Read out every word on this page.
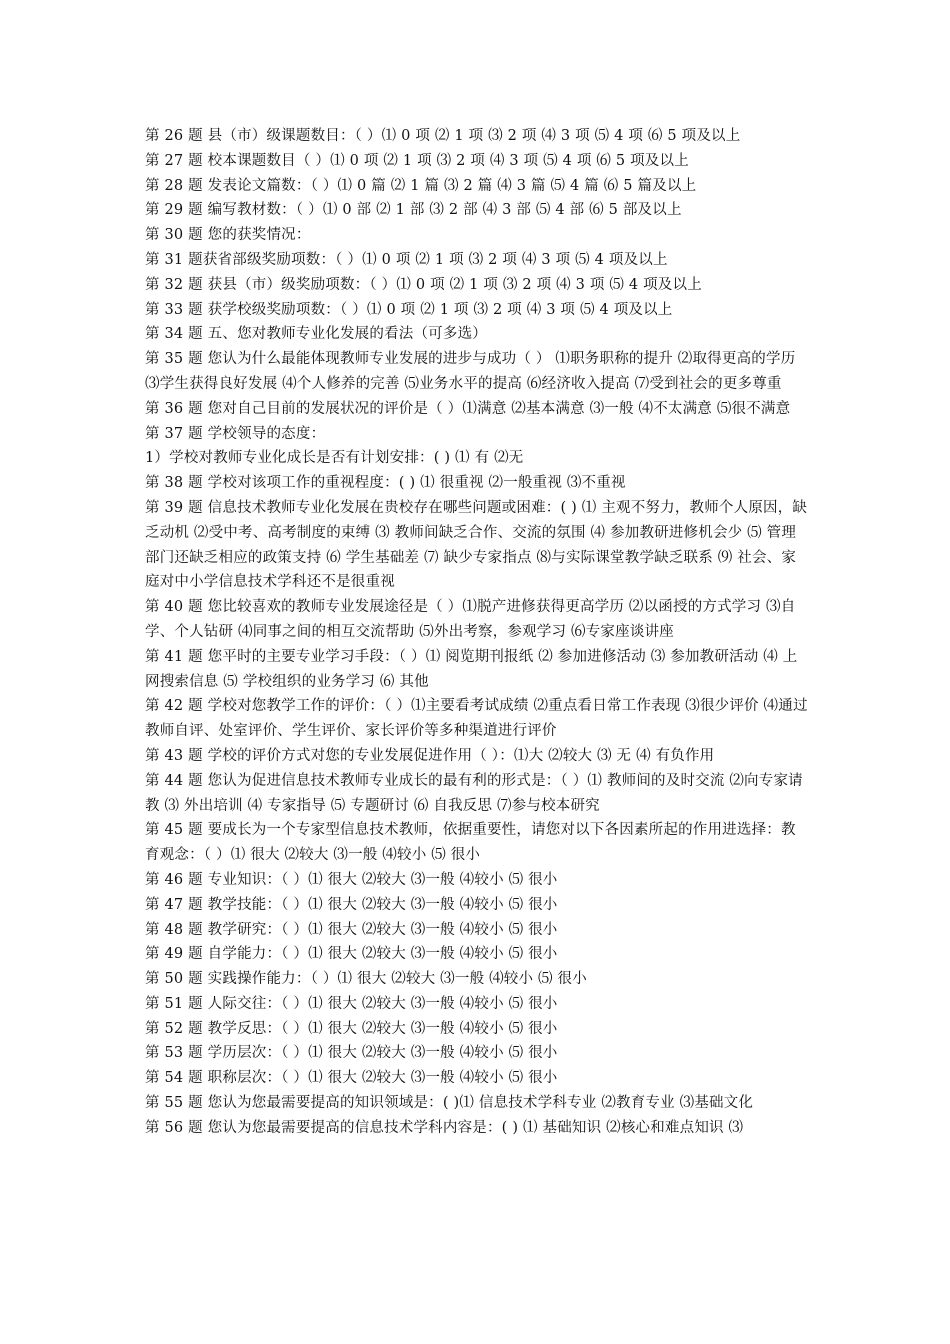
第 26 题 县（市）级课题数目：（ ）⑴ 0 项 ⑵ 1 项 ⑶ 2 项 ⑷ 3 项 ⑸ 4 项 ⑹ 5 项及以上

第 27 题 校本课题数目（ ）⑴ 0 项 ⑵ 1 项 ⑶ 2 项 ⑷ 3 项 ⑸ 4 项 ⑹ 5 项及以上

第 28 题 发表论文篇数：（ ）⑴ 0 篇 ⑵ 1 篇 ⑶ 2 篇 ⑷ 3 篇 ⑸ 4 篇 ⑹ 5 篇及以上

第 29 题 编写教材数：（ ）⑴ 0 部 ⑵ 1 部 ⑶ 2 部 ⑷ 3 部 ⑸ 4 部 ⑹ 5 部及以上

第 30 题 您的获奖情况：

第 31 题获省部级奖励项数：（ ）⑴ 0 项 ⑵ 1 项 ⑶ 2 项 ⑷ 3 项 ⑸ 4 项及以上

第 32 题 获县（市）级奖励项数：（ ）⑴ 0 项 ⑵ 1 项 ⑶ 2 项 ⑷ 3 项 ⑸ 4 项及以上

第 33 题 获学校级奖励项数：（ ）⑴ 0 项 ⑵ 1 项 ⑶ 2 项 ⑷ 3 项 ⑸ 4 项及以上

第 34 题 五、您对教师专业化发展的看法（可多选）

第 35 题 您认为什么最能体现教师专业发展的进步与成功（ ） ⑴职务职称的提升 ⑵取得更高的学历 ⑶学生获得良好发展 ⑷个人修养的完善 ⑸业务水平的提高 ⑹经济收入提高 ⑺受到社会的更多尊重

第 36 题 您对自己目前的发展状况的评价是（ ）⑴满意 ⑵基本满意 ⑶一般 ⑷不太满意 ⑸很不满意

第 37 题 学校领导的态度：

1）学校对教师专业化成长是否有计划安排：( ) ⑴ 有 ⑵无

第 38 题 学校对该项工作的重视程度：( ) ⑴ 很重视 ⑵一般重视 ⑶不重视

第 39 题 信息技术教师专业化发展在贵校存在哪些问题或困难：( ) ⑴ 主观不努力，教师个人原因，缺乏动机 ⑵受中考、高考制度的束缚 ⑶ 教师间缺乏合作、交流的氛围 ⑷ 参加教研进修机会少 ⑸ 管理部门还缺乏相应的政策支持 ⑹ 学生基础差 ⑺ 缺少专家指点 ⑻与实际课堂教学缺乏联系 ⑼ 社会、家庭对中小学信息技术学科还不是很重视

第 40 题 您比较喜欢的教师专业发展途径是（ ）⑴脱产进修获得更高学历 ⑵以函授的方式学习 ⑶自学、个人钻研 ⑷同事之间的相互交流帮助 ⑸外出考察，参观学习 ⑹专家座谈讲座

第 41 题 您平时的主要专业学习手段：（ ）⑴ 阅览期刊报纸 ⑵ 参加进修活动 ⑶ 参加教研活动 ⑷ 上网搜索信息 ⑸ 学校组织的业务学习 ⑹ 其他

第 42 题 学校对您教学工作的评价：（ ）⑴主要看考试成绩 ⑵重点看日常工作表现 ⑶很少评价 ⑷通过教师自评、处室评价、学生评价、家长评价等多种渠道进行评价

第 43 题 学校的评价方式对您的专业发展促进作用（ ）：⑴大 ⑵较大 ⑶ 无 ⑷ 有负作用

第 44 题 您认为促进信息技术教师专业成长的最有利的形式是：（ ）⑴ 教师间的及时交流 ⑵向专家请教 ⑶ 外出培训 ⑷ 专家指导 ⑸ 专题研讨 ⑹ 自我反思 ⑺参与校本研究

第 45 题 要成长为一个专家型信息技术教师，依据重要性，请您对以下各因素所起的作用进选择：教育观念：（ ）⑴ 很大 ⑵较大 ⑶一般 ⑷较小 ⑸ 很小

第 46 题 专业知识：（ ）⑴ 很大 ⑵较大 ⑶一般 ⑷较小 ⑸ 很小

第 47 题 教学技能：（ ）⑴ 很大 ⑵较大 ⑶一般 ⑷较小 ⑸ 很小

第 48 题 教学研究：（ ）⑴ 很大 ⑵较大 ⑶一般 ⑷较小 ⑸ 很小

第 49 题 自学能力：（ ）⑴ 很大 ⑵较大 ⑶一般 ⑷较小 ⑸ 很小

第 50 题 实践操作能力：（ ）⑴ 很大 ⑵较大 ⑶一般 ⑷较小 ⑸ 很小

第 51 题 人际交往：（ ）⑴ 很大 ⑵较大 ⑶一般 ⑷较小 ⑸ 很小

第 52 题 教学反思：（ ）⑴ 很大 ⑵较大 ⑶一般 ⑷较小 ⑸ 很小

第 53 题 学历层次：（ ）⑴ 很大 ⑵较大 ⑶一般 ⑷较小 ⑸ 很小

第 54 题 职称层次：（ ）⑴ 很大 ⑵较大 ⑶一般 ⑷较小 ⑸ 很小

第 55 题 您认为您最需要提高的知识领域是：( )⑴ 信息技术学科专业 ⑵教育专业 ⑶基础文化

第 56 题 您认为您最需要提高的信息技术学科内容是：( ) ⑴ 基础知识 ⑵核心和难点知识 ⑶
